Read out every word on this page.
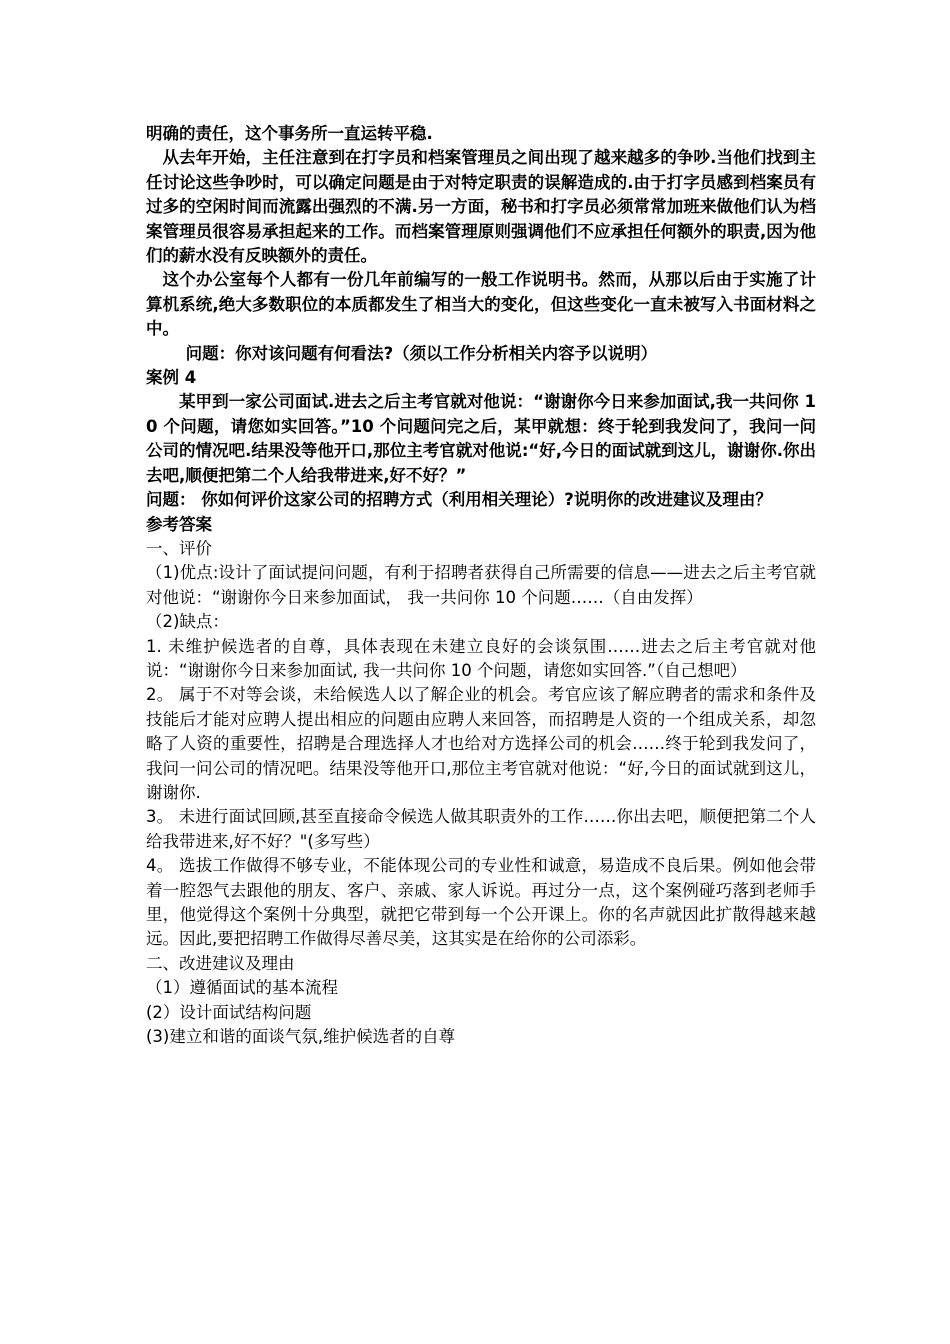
明确的责任，这个事务所一直运转平稳.

从去年开始，主任注意到在打字员和档案管理员之间出现了越来越多的争吵.当他们找到主任讨论这些争吵时，可以确定问题是由于对特定职责的误解造成的.由于打字员感到档案员有过多的空闲时间而流露出强烈的不满.另一方面，秘书和打字员必须常常加班来做他们认为档案管理员很容易承担起来的工作。而档案管理原则强调他们不应承担任何额外的职责,因为他们的薪水没有反映额外的责任。

这个办公室每个人都有一份几年前编写的一般工作说明书。然而，从那以后由于实施了计算机系统,绝大多数职位的本质都发生了相当大的变化，但这些变化一直未被写入书面材料之中。

问题：你对该问题有何看法?（须以工作分析相关内容予以说明）

案例 4

某甲到一家公司面试.进去之后主考官就对他说：“谢谢你今日来参加面试,我一共问你 10 个问题，请您如实回答。”10 个问题问完之后，某甲就想：终于轮到我发问了，我问一问公司的情况吧.结果没等他开口,那位主考官就对他说:“好,今日的面试就到这儿，谢谢你.你出去吧,顺便把第二个人给我带进来,好不好？”

问题： 你如何评价这家公司的招聘方式（利用相关理论）?说明你的改进建议及理由？

参考答案

一、评价

（1)优点:设计了面试提问问题，有利于招聘者获得自己所需要的信息——进去之后主考官就对他说：“谢谢你今日来参加面试， 我一共问你 10 个问题……（自由发挥）

（2)缺点：

1. 未维护候选者的自尊，具体表现在未建立良好的会谈氛围……进去之后主考官就对他说：“谢谢你今日来参加面试, 我一共问你 10 个问题，请您如实回答.”（自己想吧）

2。 属于不对等会谈，未给候选人以了解企业的机会。考官应该了解应聘者的需求和条件及技能后才能对应聘人提出相应的问题由应聘人来回答，而招聘是人资的一个组成关系，却忽略了人资的重要性，招聘是合理选择人才也给对方选择公司的机会……终于轮到我发问了，我问一问公司的情况吧。结果没等他开口,那位主考官就对他说：“好,今日的面试就到这儿，谢谢你.

3。 未进行面试回顾,甚至直接命令候选人做其职责外的工作……你出去吧，顺便把第二个人给我带进来,好不好？"(多写些）

4。 选拔工作做得不够专业，不能体现公司的专业性和诚意，易造成不良后果。例如他会带着一腔怨气去跟他的朋友、客户、亲戚、家人诉说。再过分一点，这个案例碰巧落到老师手里，他觉得这个案例十分典型，就把它带到每一个公开课上。你的名声就因此扩散得越来越远。因此,要把招聘工作做得尽善尽美，这其实是在给你的公司添彩。

二、改进建议及理由

（1）遵循面试的基本流程

(2）设计面试结构问题

(3)建立和谐的面谈气氛,维护候选者的自尊
